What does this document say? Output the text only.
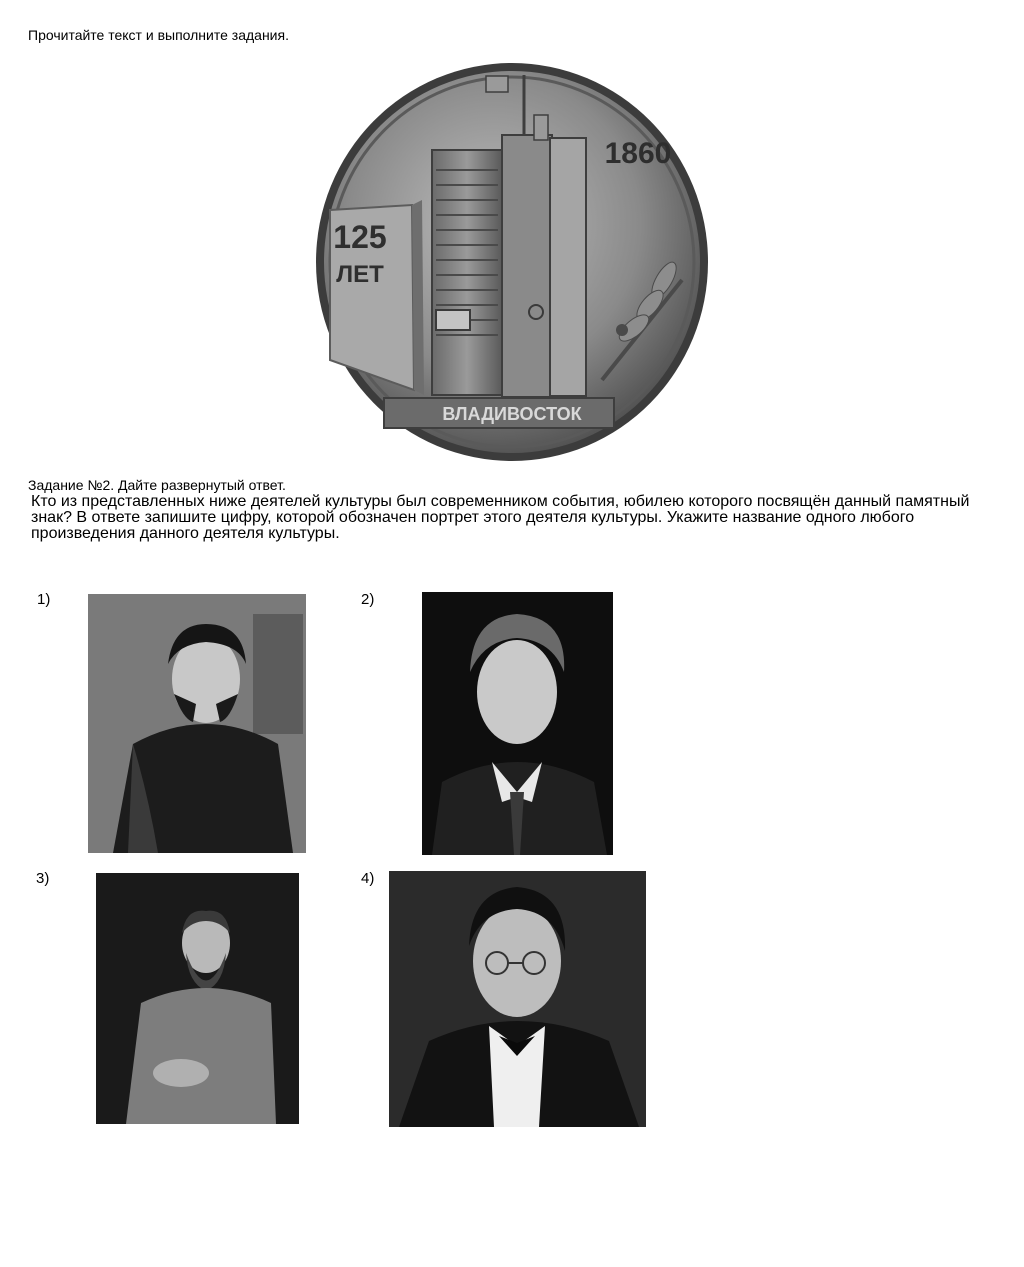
Прочитайте текст и выполните задания.
1860
125
ЛЕТ
ВЛАДИВОСТОК
Задание №2. Дайте развернутый ответ.
Кто из представленных ниже деятелей культуры был современником события, юбилею которого посвящён данный памятный знак? В ответе запишите цифру, которой обозначен портрет этого деятеля культуры. Укажите название одного любого произведения данного деятеля культуры.
1)	2)
3)	4)
